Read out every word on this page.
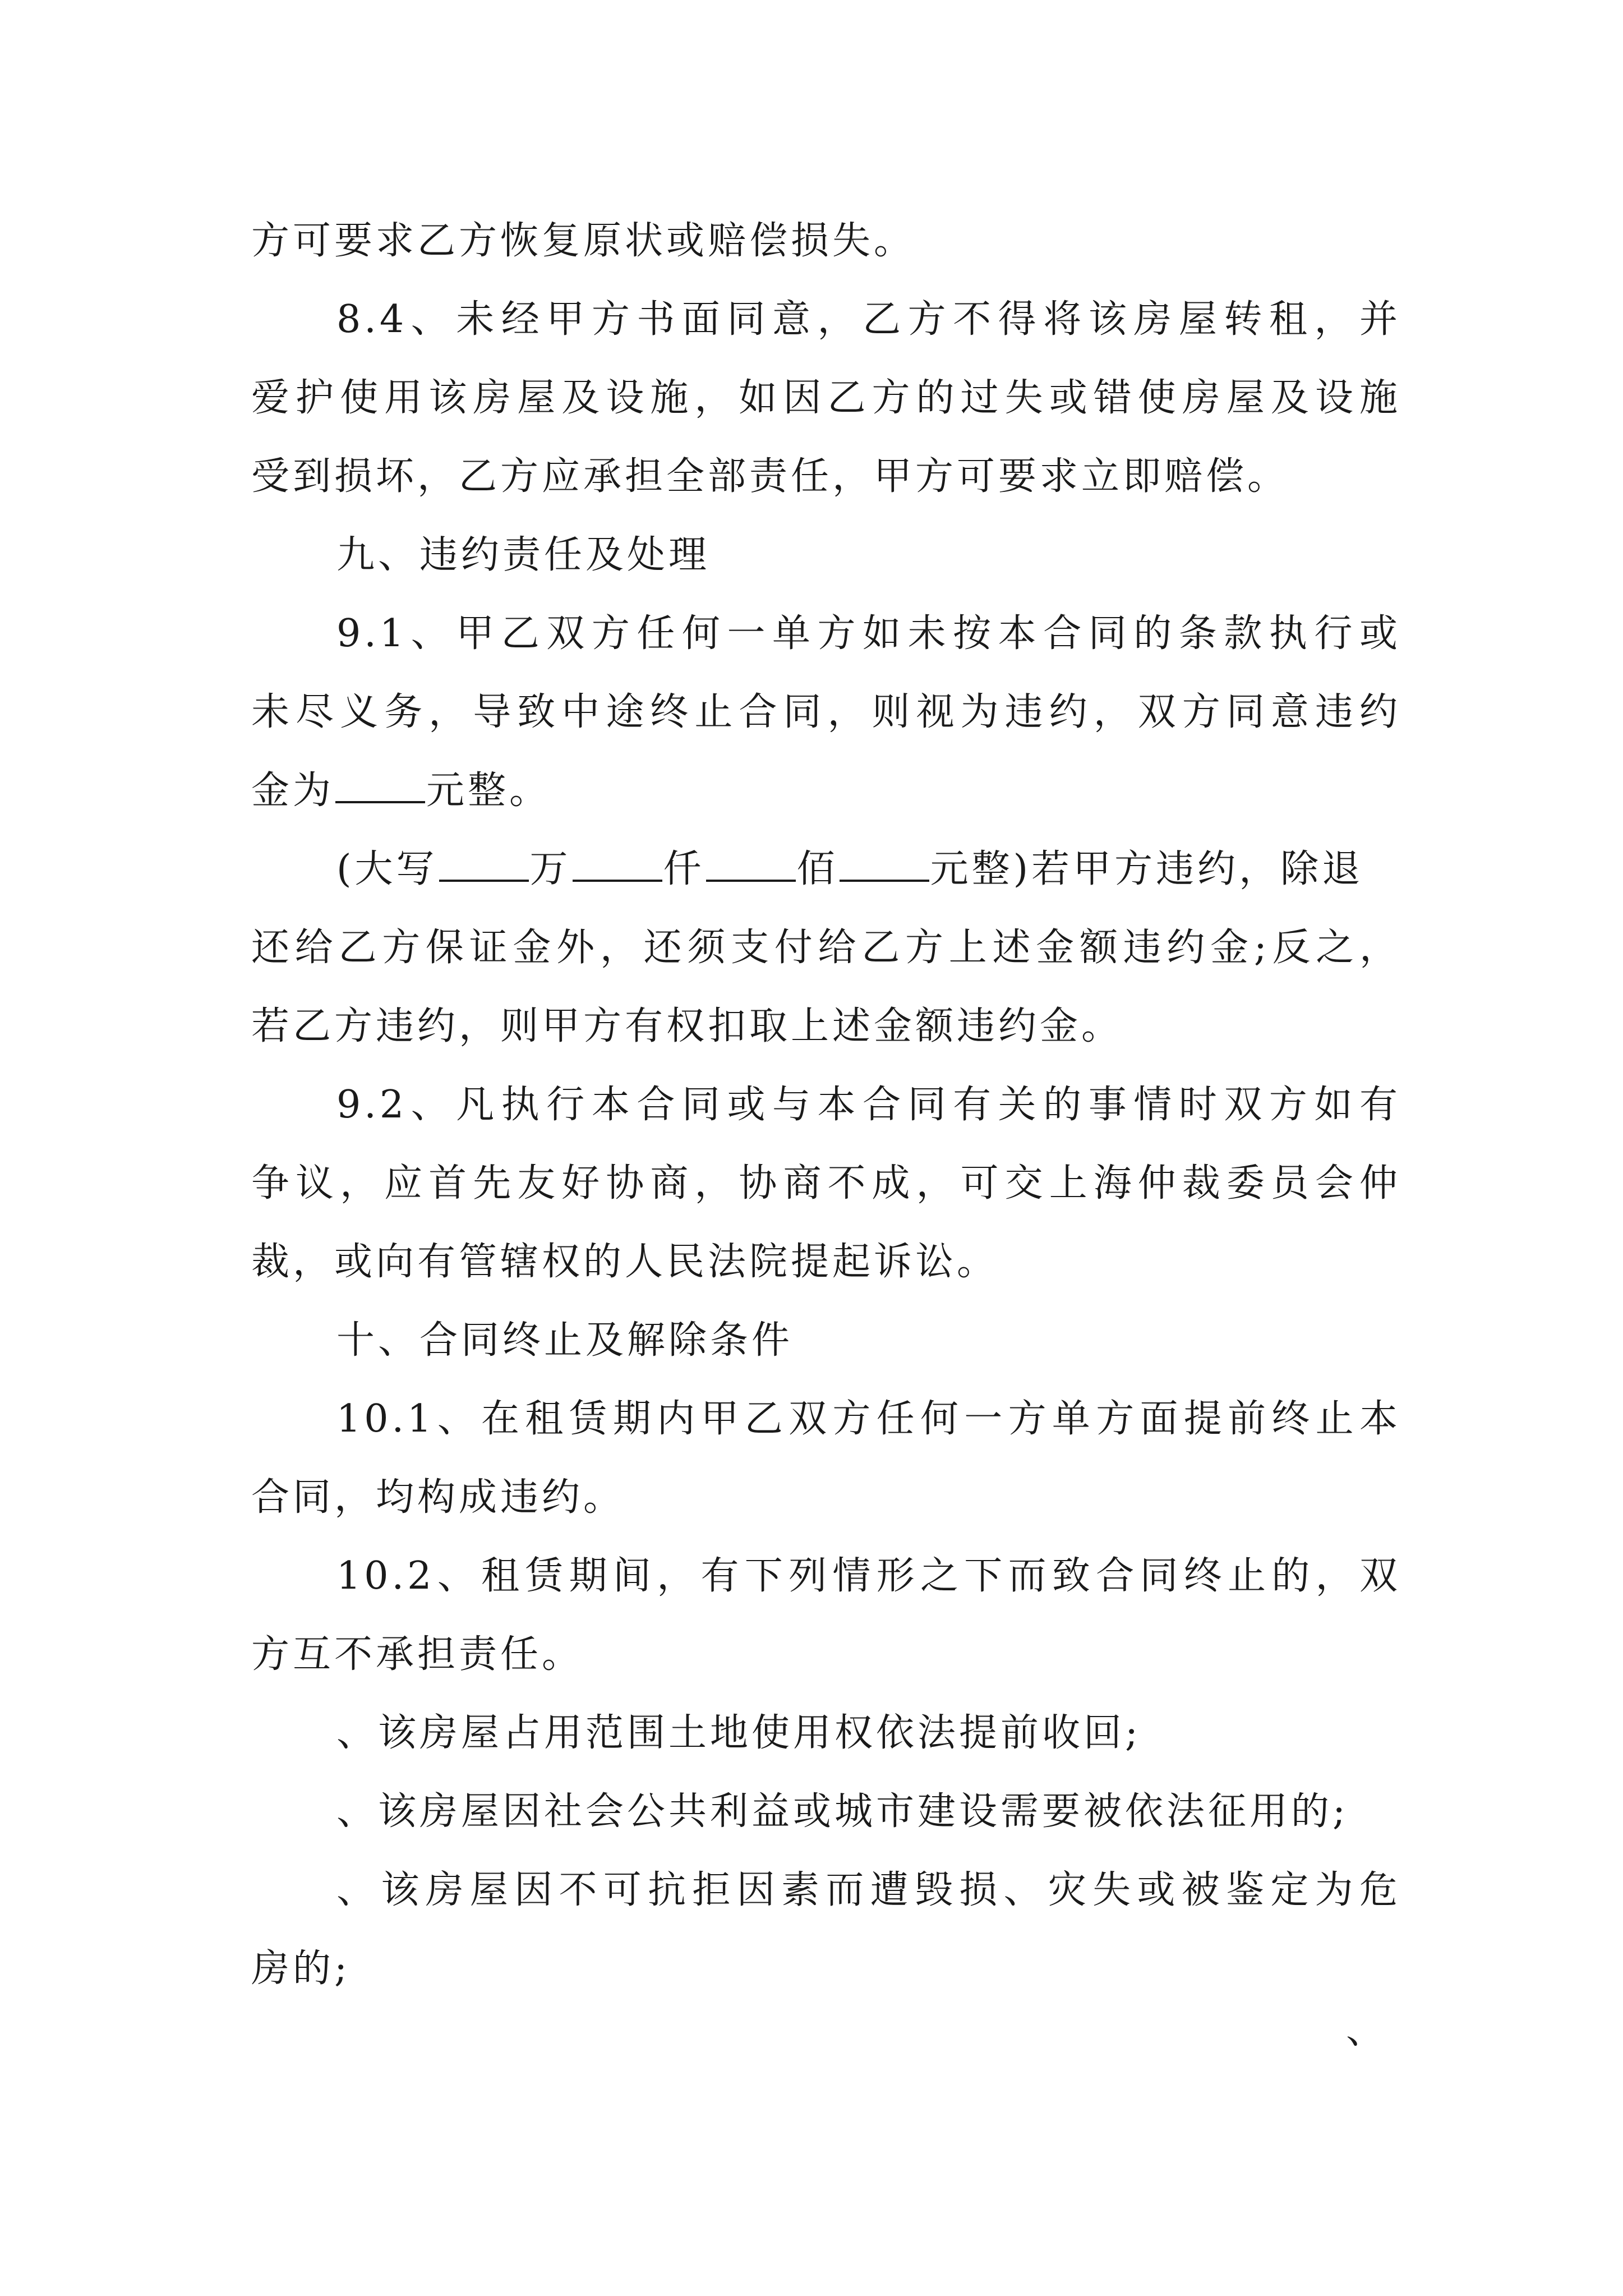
方可要求乙方恢复原状或赔偿损失。
8.4、未经甲方书面同意，乙方不得将该房屋转租，并
爱护使用该房屋及设施，如因乙方的过失或错使房屋及设施
受到损坏，乙方应承担全部责任，甲方可要求立即赔偿。
九、违约责任及处理
9.1、甲乙双方任何一单方如未按本合同的条款执行或
未尽义务，导致中途终止合同，则视为违约，双方同意违约
金为 元整。
(大写 万 仟 佰 元整)若甲方违约，除退
还给乙方保证金外，还须支付给乙方上述金额违约金;反之，
若乙方违约，则甲方有权扣取上述金额违约金。
9.2、凡执行本合同或与本合同有关的事情时双方如有
争议，应首先友好协商，协商不成，可交上海仲裁委员会仲
裁，或向有管辖权的人民法院提起诉讼。
十、合同终止及解除条件
10.1、在租赁期内甲乙双方任何一方单方面提前终止本
合同，均构成违约。
10.2、租赁期间，有下列情形之下而致合同终止的，双
方互不承担责任。
、该房屋占用范围土地使用权依法提前收回;
、该房屋因社会公共利益或城市建设需要被依法征用的;
、该房屋因不可抗拒因素而遭毁损、灾失或被鉴定为危
房的;
、
